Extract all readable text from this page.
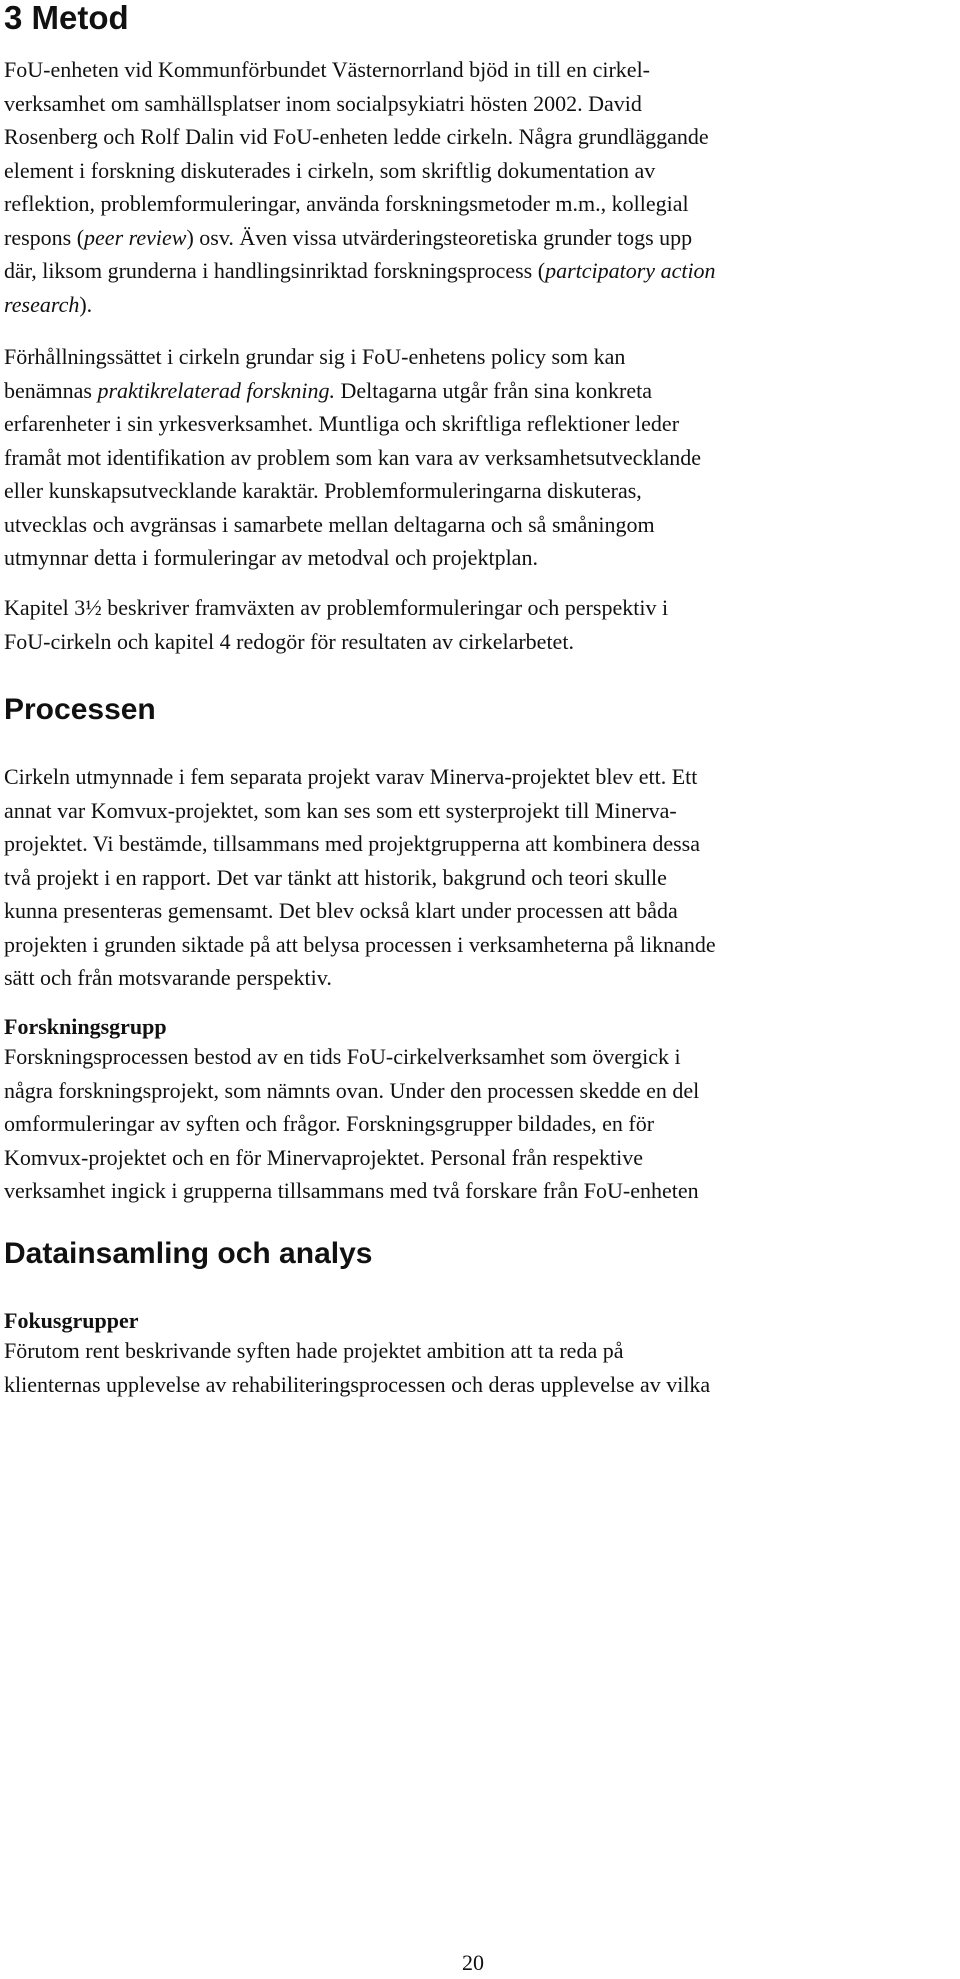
3 Metod
FoU-enheten vid Kommunförbundet Västernorrland bjöd in till en cirkel-
verksamhet om samhällsplatser inom socialpsykiatri hösten 2002. David
Rosenberg och Rolf Dalin vid FoU-enheten ledde cirkeln. Några grundläggande
element i forskning diskuterades i cirkeln, som skriftlig dokumentation av
reflektion, problemformuleringar, använda forskningsmetoder m.m., kollegial
respons (peer review) osv. Även vissa utvärderingsteoretiska grunder togs upp
där, liksom grunderna i handlingsinriktad forskningsprocess (partcipatory action
research).
Förhållningssättet i cirkeln grundar sig i FoU-enhetens policy som kan
benämnas praktikrelaterad forskning. Deltagarna utgår från sina konkreta
erfarenheter i sin yrkesverksamhet. Muntliga och skriftliga reflektioner leder
framåt mot identifikation av problem som kan vara av verksamhetsutvecklande
eller kunskapsutvecklande karaktär. Problemformuleringarna diskuteras,
utvecklas och avgränsas i samarbete mellan deltagarna och så småningom
utmynnar detta i formuleringar av metodval och projektplan.
Kapitel 3½ beskriver framväxten av problemformuleringar och perspektiv i
FoU-cirkeln och kapitel 4 redogör för resultaten av cirkelarbetet.
Processen
Cirkeln utmynnade i fem separata projekt varav Minerva-projektet blev ett. Ett
annat var Komvux-projektet, som kan ses som ett systerprojekt till Minerva-
projektet. Vi bestämde, tillsammans med projektgrupperna att kombinera dessa
två projekt i en rapport. Det var tänkt att historik, bakgrund och teori skulle
kunna presenteras gemensamt. Det blev också klart under processen att båda
projekten i grunden siktade på att belysa processen i verksamheterna på liknande
sätt och från motsvarande perspektiv.
Forskningsgrupp
Forskningsprocessen bestod av en tids FoU-cirkelverksamhet som övergick i
några forskningsprojekt, som nämnts ovan. Under den processen skedde en del
omformuleringar av syften och frågor. Forskningsgrupper bildades, en för
Komvux-projektet och en för Minervaprojektet. Personal från respektive
verksamhet ingick i grupperna tillsammans med två forskare från FoU-enheten
Datainsamling och analys
Fokusgrupper
Förutom rent beskrivande syften hade projektet ambition att ta reda på
klienternas upplevelse av rehabiliteringsprocessen och deras upplevelse av vilka

20
